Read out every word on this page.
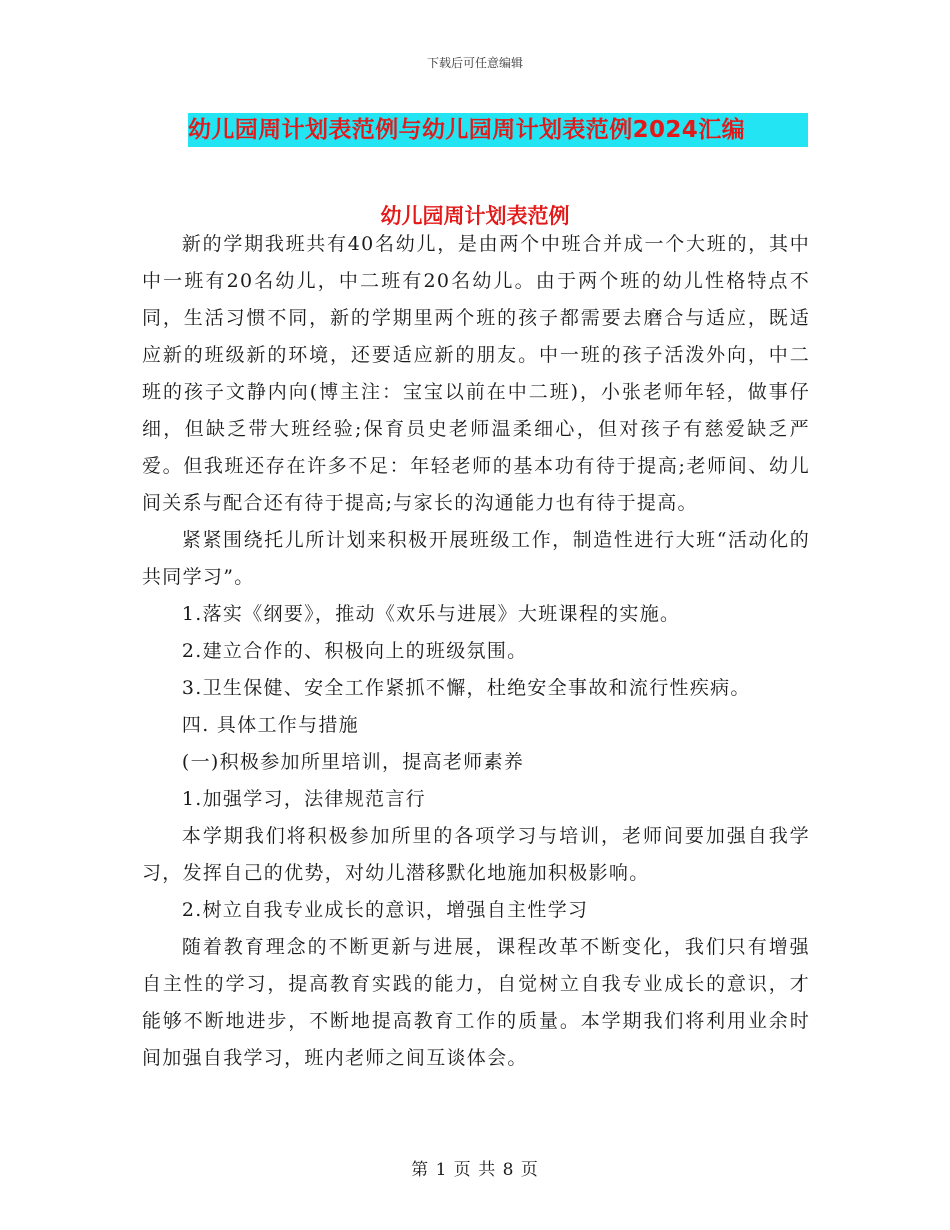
下载后可任意编辑
幼儿园周计划表范例与幼儿园周计划表范例2024汇编
幼儿园周计划表范例

新的学期我班共有40名幼儿，是由两个中班合并成一个大班的，其中中一班有20名幼儿，中二班有20名幼儿。由于两个班的幼儿性格特点不同，生活习惯不同，新的学期里两个班的孩子都需要去磨合与适应，既适应新的班级新的环境，还要适应新的朋友。中一班的孩子活泼外向，中二班的孩子文静内向(博主注：宝宝以前在中二班)，小张老师年轻，做事仔细，但缺乏带大班经验;保育员史老师温柔细心，但对孩子有慈爱缺乏严爱。但我班还存在许多不足：年轻老师的基本功有待于提高;老师间、幼儿间关系与配合还有待于提高;与家长的沟通能力也有待于提高。

紧紧围绕托儿所计划来积极开展班级工作，制造性进行大班“活动化的共同学习”。

1.落实《纲要》，推动《欢乐与进展》大班课程的实施。

2.建立合作的、积极向上的班级氛围。

3.卫生保健、安全工作紧抓不懈，杜绝安全事故和流行性疾病。

四. 具体工作与措施

(一)积极参加所里培训，提高老师素养

1.加强学习，法律规范言行

本学期我们将积极参加所里的各项学习与培训，老师间要加强自我学习，发挥自己的优势，对幼儿潜移默化地施加积极影响。

2.树立自我专业成长的意识，增强自主性学习

随着教育理念的不断更新与进展，课程改革不断变化，我们只有增强自主性的学习，提高教育实践的能力，自觉树立自我专业成长的意识，才能够不断地进步，不断地提高教育工作的质量。本学期我们将利用业余时间加强自我学习，班内老师之间互谈体会。

第 1 页 共 8 页
